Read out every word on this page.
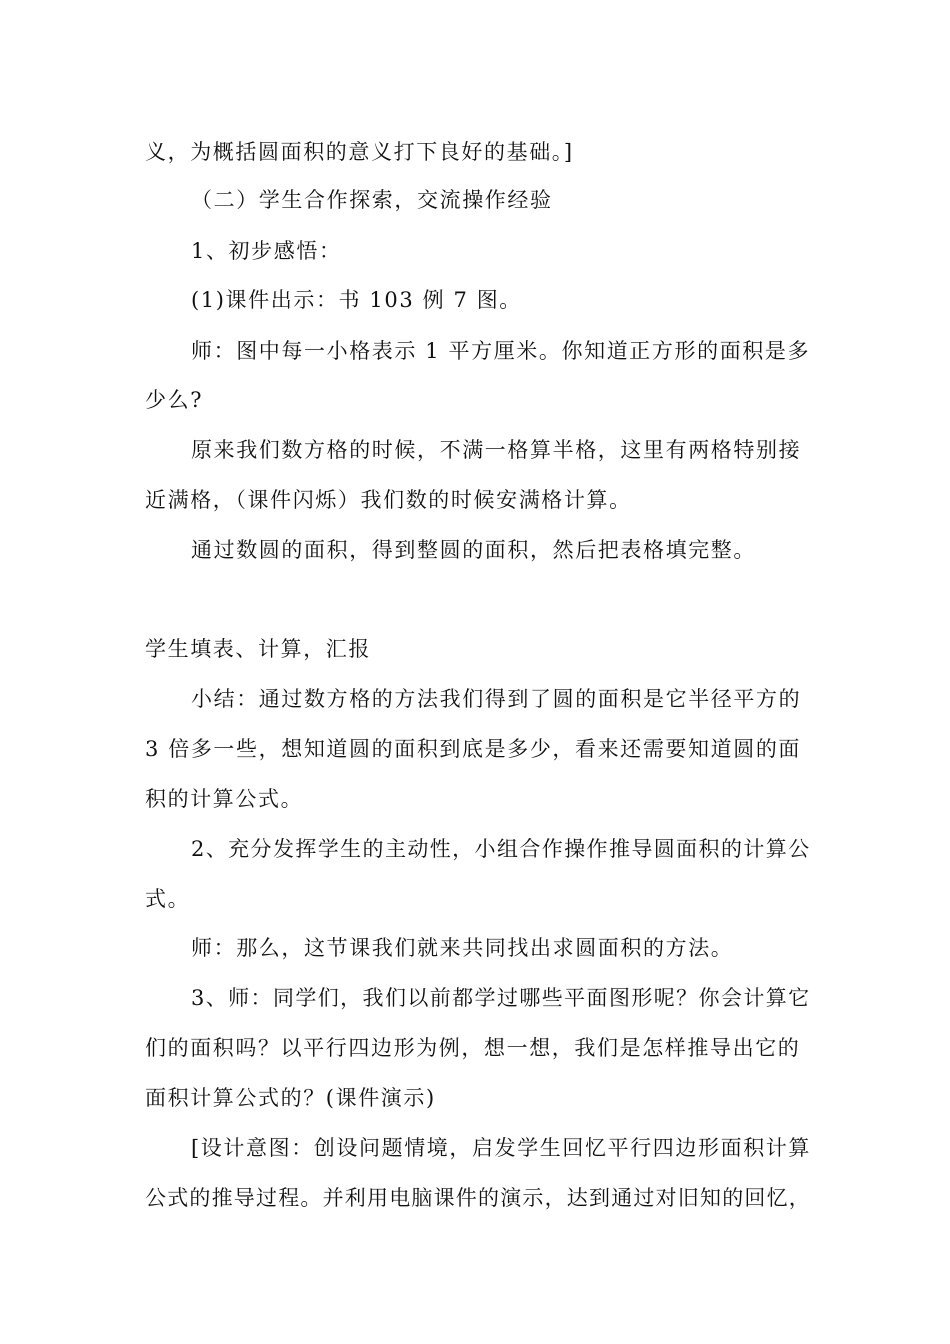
义，为概括圆面积的意义打下良好的基础。]
（二）学生合作探索，交流操作经验
1、初步感悟：
(1)课件出示：书 103 例 7 图。
师：图中每一小格表示 1 平方厘米。你知道正方形的面积是多
少么?
原来我们数方格的时候，不满一格算半格，这里有两格特别接
近满格，（课件闪烁）我们数的时候安满格计算。
通过数圆的面积，得到整圆的面积，然后把表格填完整。
学生填表、计算，汇报
小结：通过数方格的方法我们得到了圆的面积是它半径平方的
3 倍多一些，想知道圆的面积到底是多少，看来还需要知道圆的面
积的计算公式。
2、充分发挥学生的主动性，小组合作操作推导圆面积的计算公
式。
师：那么，这节课我们就来共同找出求圆面积的方法。
3、师：同学们，我们以前都学过哪些平面图形呢？你会计算它
们的面积吗？以平行四边形为例，想一想，我们是怎样推导出它的
面积计算公式的？(课件演示)
[设计意图：创设问题情境，启发学生回忆平行四边形面积计算
公式的推导过程。并利用电脑课件的演示，达到通过对旧知的回忆，
